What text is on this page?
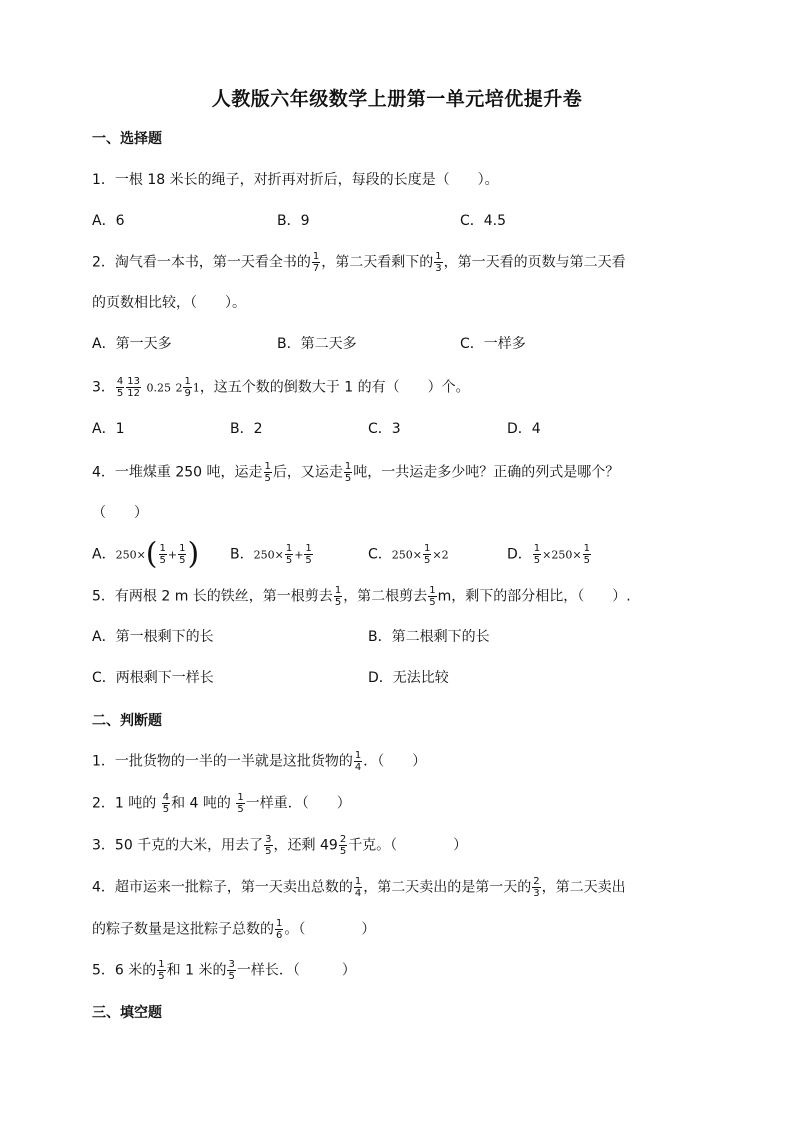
人教版六年级数学上册第一单元培优提升卷
一、选择题
1．一根 18 米长的绳子，对折再对折后，每段的长度是（　　）。
A．6	B．9	C．4.5
2．淘气看一本书，第一天看全书的 $\frac{1}{7}$ ，第二天看剩下的 $\frac{1}{3}$ ，第一天看的页数与第二天看
的页数相比较，（　　）。
A．第一天多	B．第二天多	C．一样多
3． $\frac{4}{5} \frac{13}{12} 0.25$ $2 \frac{1}{9} 1$，这五个数的倒数大于 1 的有（　　）个。
A．1	B．2	C．3	D．4
4．一堆煤重 250 吨，运走 $\frac{1}{5}$ 后，又运走 $\frac{1}{5}$ 吨，一共运走多少吨？正确的列式是哪个？
（　　）
A．$250\times( \frac{1}{5} + \frac{1}{5}$ ) B．$250\times \frac{1}{5} + \frac{1}{5}$	C．$250\times \frac{1}{5} \times 2$	D． $\frac{1}{5} \times 250\times \frac{1}{5}$
5．有两根 2 m 长的铁丝，第一根剪去 $\frac{1}{5}$ ，第二根剪去 $\frac{1}{5}$ m，剩下的部分相比，（　　）.
A．第一根剩下的长	B．第二根剩下的长
C．两根剩下一样长	D．无法比较
二、判断题
1．一批货物的一半的一半就是这批货物的 $\frac{1}{4}$ ．（　　）
2．1 吨的 $\frac{4}{5}$ 和 4 吨的 $\frac{1}{5}$ 一样重．（　　）
3．50 千克的大米，用去了 $\frac{3}{5}$ ，还剩 $49 \frac{2}{5}$ 千克。（　　　　）
4．超市运来一批粽子，第一天卖出总数的 $\frac{1}{4}$ ，第二天卖出的是第一天的 $\frac{2}{3}$ ，第二天卖出
的粽子数量是这批粽子总数的 $\frac{1}{6}$ 。（　　　　）
5．6 米的 $\frac{1}{5}$ 和 1 米的 $\frac{3}{5}$ 一样长．（　　　）
三、填空题
